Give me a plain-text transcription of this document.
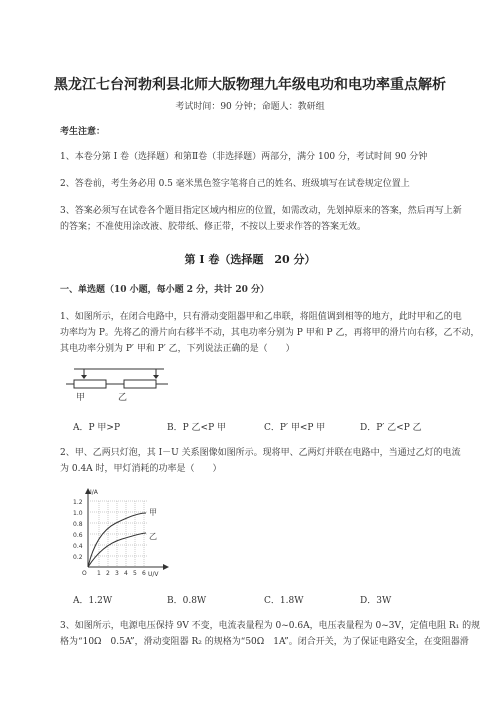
黑龙江七台河勃利县北师大版物理九年级电功和电功率重点解析
考试时间：90 分钟；命题人：教研组
考生注意：
1、本卷分第 I 卷（选择题）和第Ⅱ卷（非选择题）两部分，满分 100 分，考试时间 90 分钟
2、答卷前，考生务必用 0.5 毫米黑色签字笔将自己的姓名、班级填写在试卷规定位置上
3、答案必须写在试卷各个题目指定区域内相应的位置，如需改动，先划掉原来的答案，然后再写上新
的答案；不准使用涂改液、胶带纸、修正带，不按以上要求作答的答案无效。
第 I 卷（选择题　20 分）
一、单选题（10 小题，每小题 2 分，共计 20 分）
1、如图所示，在闭合电路中，只有滑动变阻器甲和乙串联，将阻值调到相等的地方，此时甲和乙的电
功率均为 P。先将乙的滑片向右移半不动，其电功率分别为 P 甲和 P 乙，再将甲的滑片向右移，乙不动，
其电功率分别为 P′ 甲和 P′ 乙，下列说法正确的是（　　）
甲	乙
A．P 甲>P	B．P 乙<P 甲	C．P′ 甲<P 甲	D．P′ 乙<P 乙
2、甲、乙两只灯泡，其 I－U 关系图像如图所示。现将甲、乙两灯并联在电路中，当通过乙灯的电流
为 0.4A 时，甲灯消耗的功率是（　　）
I/A
U/V
1.2
1.0
0.8
0.6
0.4
0.2
O 1 2 3 4 5 6
甲
乙
A．1.2W	B．0.8W	C．1.8W	D．3W
3、如图所示，电源电压保持 9V 不变，电流表量程为 0~0.6A，电压表量程为 0~3V，定值电阻 R₁ 的规
格为“10Ω　0.5A”，滑动变阻器 R₂ 的规格为“50Ω　1A”。闭合开关，为了保证电路安全，在变阻器滑
